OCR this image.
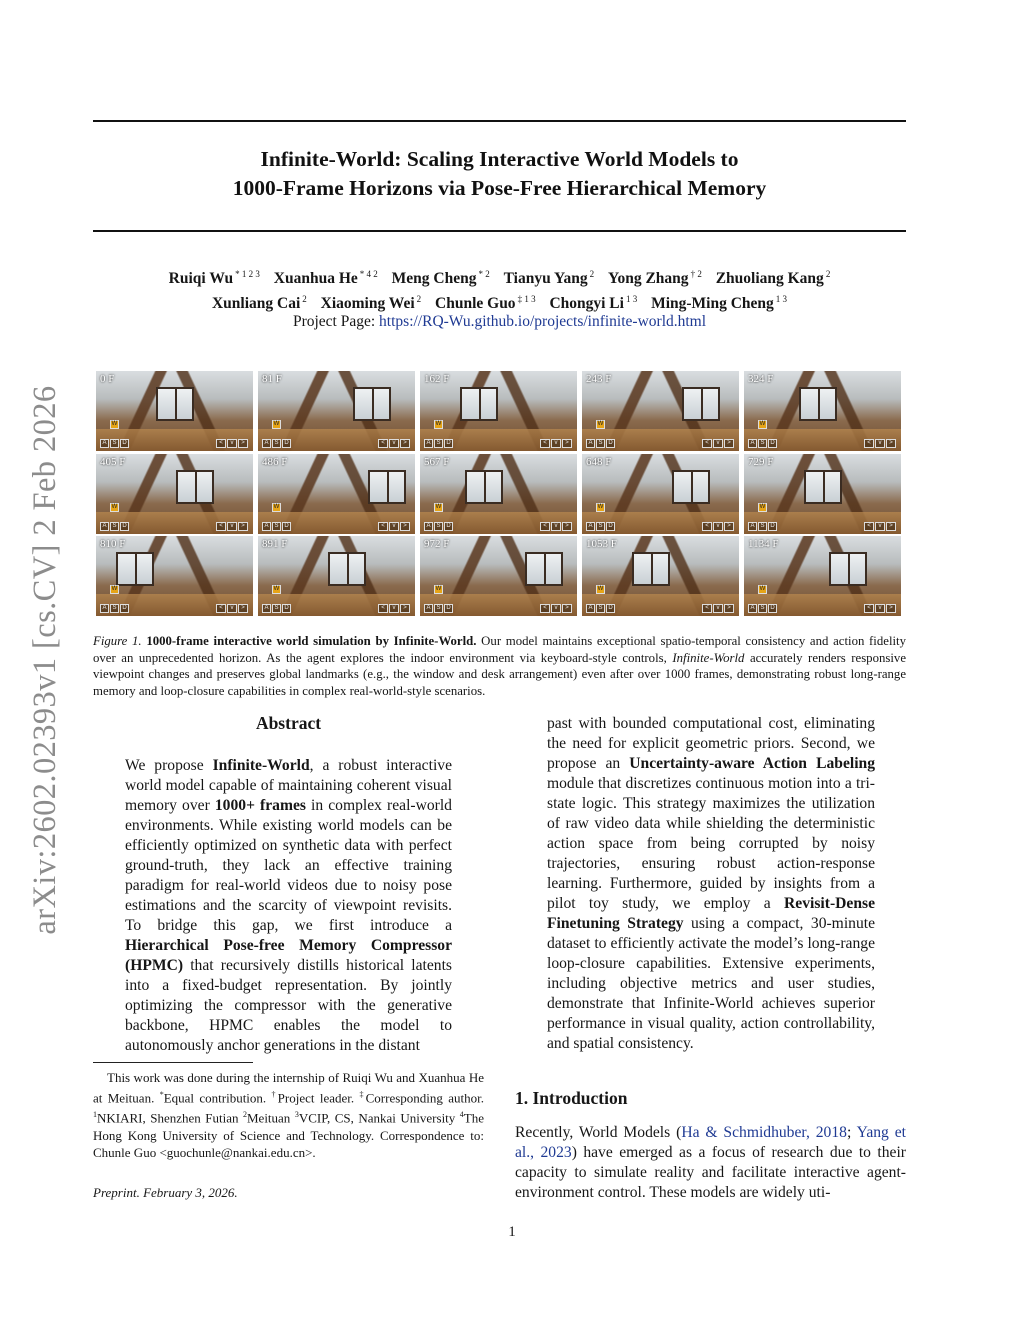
arXiv:2602.02393v1 [cs.CV] 2 Feb 2026
Infinite-World: Scaling Interactive World Models to
1000-Frame Horizons via Pose-Free Hierarchical Memory
Ruiqi Wu $^{* 1 2 3}$ Xuanhua He $^{* 4 2}$ Meng Cheng $^{* 2}$ Tianyu Yang $^2$ Yong Zhang $^{\dagger 2}$ Zhuoliang Kang $^2$
Xunliang Cai $^2$ Xiaoming Wei $^2$ Chunle Guo $^{\ddagger 1 3}$ Chongyi Li $^{1 3}$ Ming-Ming Cheng $^{1 3}$
Project Page: https://RQ-Wu.github.io/projects/infinite-world.html
0 F
W
A S D	< v >
81 F
W
A S D	< v >
162 F
W
A S D	< v >
243 F
W
A S D	< v >
324 F
W
A S D	< v >
405 F
W
A S D	< v >
486 F
W
A S D	< v >
567 F
W
A S D	< v >
648 F
W
A S D	< v >
729 F
W
A S D	< v >
810 F
W
A S D	< v >
891 F
W
A S D	< v >
972 F
W
A S D	< v >
1053 F
W
A S D	< v >
1134 F
W
A S D	< v >
Figure 1. 1000-frame interactive world simulation by Infinite-World. Our model maintains exceptional spatio-temporal consistency and action fidelity over an unprecedented horizon. As the agent explores the indoor environment via keyboard-style controls, Infinite-World accurately renders responsive viewpoint changes and preserves global landmarks (e.g., the window and desk arrangement) even after over 1000 frames, demonstrating robust long-range memory and loop-closure capabilities in complex real-world-style scenarios.
Abstract
We propose Infinite-World, a robust interactive world model capable of maintaining coherent visual memory over 1000+ frames in complex real-world environments. While existing world models can be efficiently optimized on synthetic data with perfect ground-truth, they lack an effective training paradigm for real-world videos due to noisy pose estimations and the scarcity of viewpoint revisits. To bridge this gap, we first introduce a Hierarchical Pose-free Memory Compressor (HPMC) that recursively distills historical latents into a fixed-budget representation. By jointly optimizing the compressor with the generative backbone, HPMC enables the model to autonomously anchor generations in the distant
past with bounded computational cost, eliminating the need for explicit geometric priors. Second, we propose an Uncertainty-aware Action Labeling module that discretizes continuous motion into a tri-state logic. This strategy maximizes the utilization of raw video data while shielding the deterministic action space from being corrupted by noisy trajectories, ensuring robust action-response learning. Furthermore, guided by insights from a pilot toy study, we employ a Revisit-Dense Finetuning Strategy using a compact, 30-minute dataset to efficiently activate the model’s long-range loop-closure capabilities. Extensive experiments, including objective metrics and user studies, demonstrate that Infinite-World achieves superior performance in visual quality, action controllability, and spatial consistency.
This work was done during the internship of Ruiqi Wu and Xuanhua He at Meituan. *Equal contribution. †Project leader. ‡Corresponding author. $^1$NKIARI, Shenzhen Futian $^2$Meituan $^3$VCIP, CS, Nankai University $^4$The Hong Kong University of Science and Technology. Correspondence to: Chunle Guo <guochunle@nankai.edu.cn>.
Preprint. February 3, 2026.
1. Introduction
Recently, World Models (Ha & Schmidhuber, 2018; Yang et al., 2023) have emerged as a focus of research due to their capacity to simulate reality and facilitate interactive agent-environment control. These models are widely uti-
1
